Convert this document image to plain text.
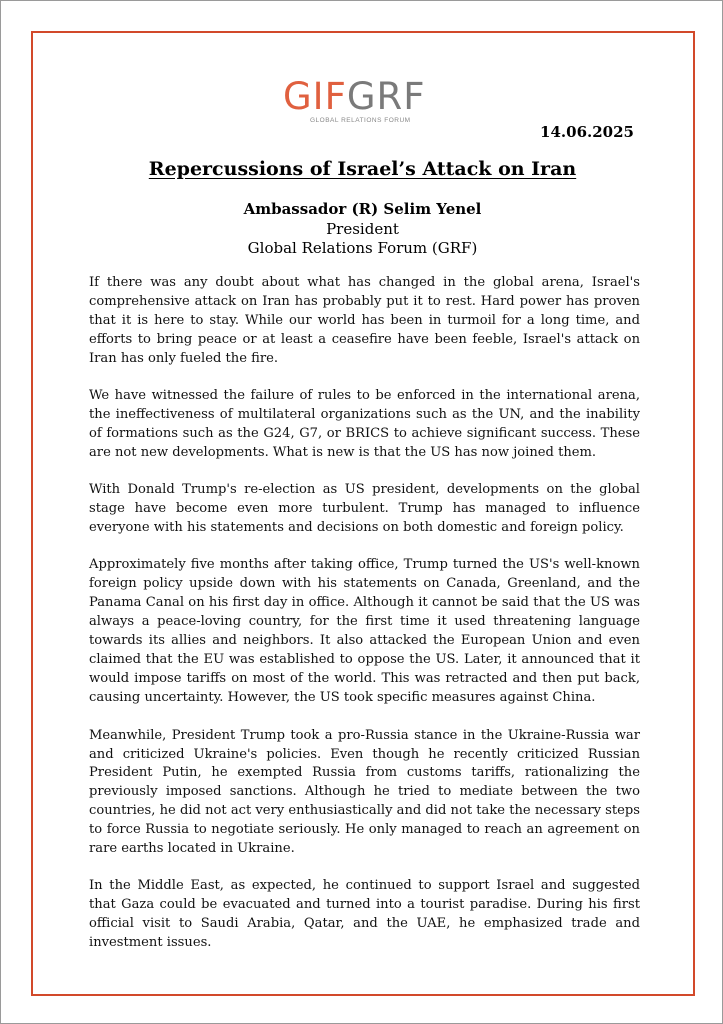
GIFGRF
GLOBAL RELATIONS FORUM
14.06.2025
Repercussions of Israel’s Attack on Iran
Ambassador (R) Selim Yenel
President
Global Relations Forum (GRF)

If there was any doubt about what has changed in the global arena, Israel's comprehensive attack on Iran has probably put it to rest. Hard power has proven that it is here to stay. While our world has been in turmoil for a long time, and efforts to bring peace or at least a ceasefire have been feeble, Israel's attack on Iran has only fueled the fire.

We have witnessed the failure of rules to be enforced in the international arena, the ineffectiveness of multilateral organizations such as the UN, and the inability of formations such as the G24, G7, or BRICS to achieve significant success. These are not new developments. What is new is that the US has now joined them.

With Donald Trump's re-election as US president, developments on the global stage have become even more turbulent. Trump has managed to influence everyone with his statements and decisions on both domestic and foreign policy.

Approximately five months after taking office, Trump turned the US's well-known foreign policy upside down with his statements on Canada, Greenland, and the Panama Canal on his first day in office. Although it cannot be said that the US was always a peace-loving country, for the first time it used threatening language towards its allies and neighbors. It also attacked the European Union and even claimed that the EU was established to oppose the US. Later, it announced that it would impose tariffs on most of the world. This was retracted and then put back, causing uncertainty. However, the US took specific measures against China.

Meanwhile, President Trump took a pro-Russia stance in the Ukraine-Russia war and criticized Ukraine's policies. Even though he recently criticized Russian President Putin, he exempted Russia from customs tariffs, rationalizing the previously imposed sanctions. Although he tried to mediate between the two countries, he did not act very enthusiastically and did not take the necessary steps to force Russia to negotiate seriously. He only managed to reach an agreement on rare earths located in Ukraine.

In the Middle East, as expected, he continued to support Israel and suggested that Gaza could be evacuated and turned into a tourist paradise. During his first official visit to Saudi Arabia, Qatar, and the UAE, he emphasized trade and investment issues.
